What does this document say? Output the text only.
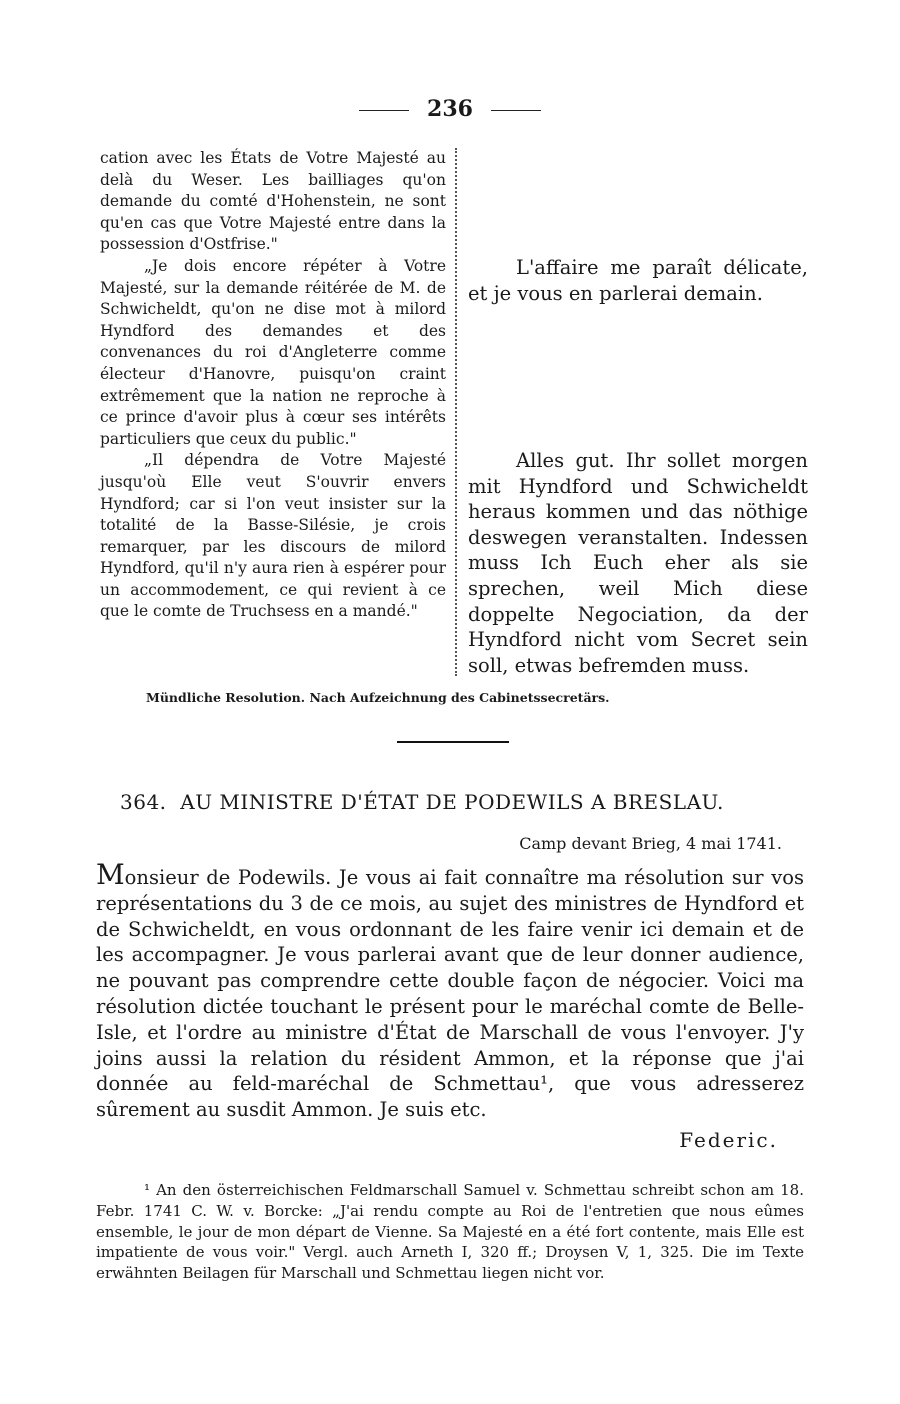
236

cation avec les États de Votre Majesté au delà du Weser. Les bailliages qu'on demande du comté d'Hohenstein, ne sont qu'en cas que Votre Majesté entre dans la possession d'Ostfrise."

„Je dois encore répéter à Votre Majesté, sur la demande réitérée de M. de Schwicheldt, qu'on ne dise mot à milord Hyndford des demandes et des convenances du roi d'Angleterre comme électeur d'Hanovre, puisqu'on craint extrêmement que la nation ne reproche à ce prince d'avoir plus à cœur ses intérêts particuliers que ceux du public."

„Il dépendra de Votre Majesté jusqu'où Elle veut S'ouvrir envers Hyndford; car si l'on veut insister sur la totalité de la Basse-Silésie, je crois remarquer, par les discours de milord Hyndford, qu'il n'y aura rien à espérer pour un accommodement, ce qui revient à ce que le comte de Truchsess en a mandé."

L'affaire me paraît délicate, et je vous en parlerai demain.

Alles gut. Ihr sollet morgen mit Hyndford und Schwicheldt heraus kommen und das nöthige deswegen veranstalten. Indessen muss Ich Euch eher als sie sprechen, weil Mich diese doppelte Negociation, da der Hyndford nicht vom Secret sein soll, etwas befremden muss.

Mündliche Resolution. Nach Aufzeichnung des Cabinetssecretärs.
364. AU MINISTRE D'ÉTAT DE PODEWILS A BRESLAU.
Camp devant Brieg, 4 mai 1741.

Monsieur de Podewils. Je vous ai fait connaître ma résolution sur vos représentations du 3 de ce mois, au sujet des ministres de Hyndford et de Schwicheldt, en vous ordonnant de les faire venir ici demain et de les accompagner. Je vous parlerai avant que de leur donner audience, ne pouvant pas comprendre cette double façon de négocier. Voici ma résolution dictée touchant le présent pour le maréchal comte de Belle-Isle, et l'ordre au ministre d'État de Marschall de vous l'envoyer. J'y joins aussi la relation du résident Ammon, et la réponse que j'ai donnée au feld-maréchal de Schmettau¹, que vous adresserez sûrement au susdit Ammon. Je suis etc.

Federic.

¹ An den österreichischen Feldmarschall Samuel v. Schmettau schreibt schon am 18. Febr. 1741 C. W. v. Borcke: „J'ai rendu compte au Roi de l'entretien que nous eûmes ensemble, le jour de mon départ de Vienne. Sa Majesté en a été fort contente, mais Elle est impatiente de vous voir." Vergl. auch Arneth I, 320 ff.; Droysen V, 1, 325. Die im Texte erwähnten Beilagen für Marschall und Schmettau liegen nicht vor.
